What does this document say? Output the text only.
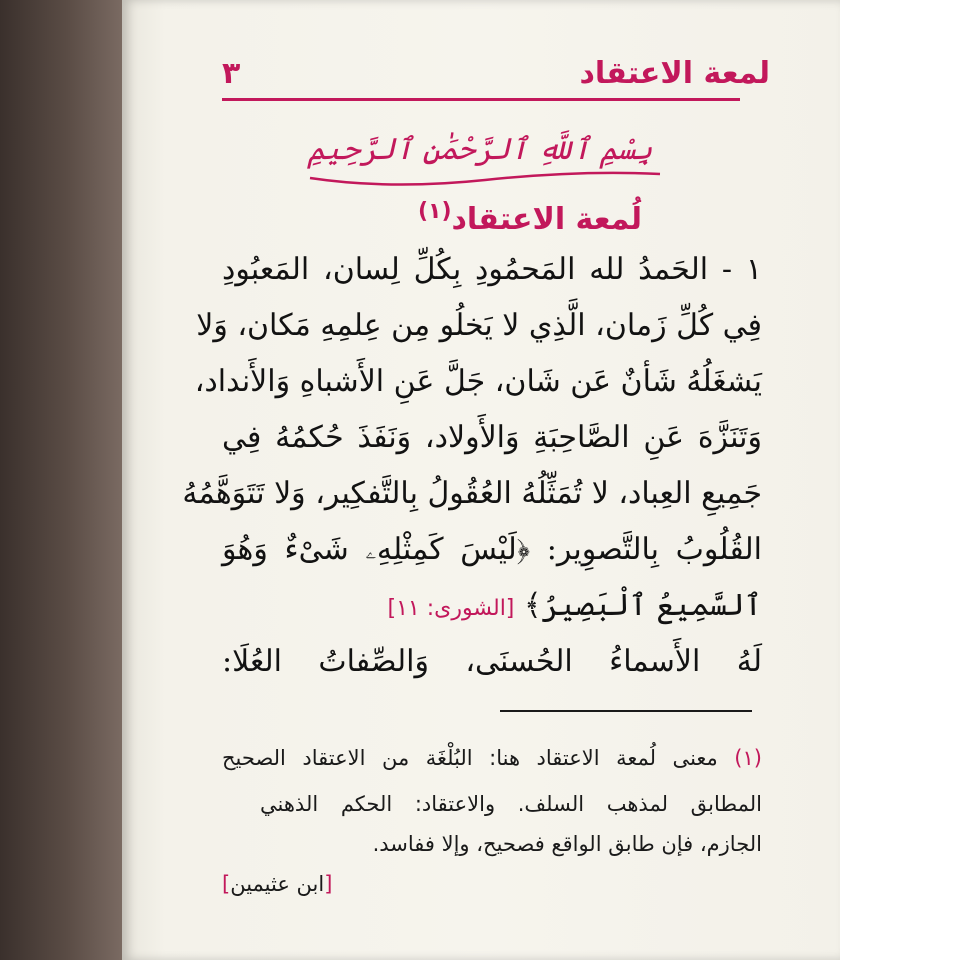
لمعة الاعتقاد
٣
بِسْمِ ٱللَّهِ ٱلرَّحْمَٰنِ ٱلرَّحِيمِ
لُمعة الاعتقاد$^{(١)}$
١ - الحَمدُ لله المَحمُودِ بِكُلِّ لِسان، المَعبُودِ
فِي كُلِّ زَمان، الَّذِي لا يَخلُو مِن عِلمِهِ مَكان، وَلا
يَشغَلُهُ شَأنٌ عَن شَان، جَلَّ عَنِ الأَشباهِ وَالأَنداد،
وَتَنَزَّهَ عَنِ الصَّاحِبَةِ وَالأَولاد، وَنَفَذَ حُكمُهُ فِي
جَمِيعِ العِباد، لا تُمَثِّلُهُ العُقُولُ بِالتَّفكِير، وَلا تَتَوَهَّمُهُ
القُلُوبُ بِالتَّصوِير: ﴿لَيْسَ كَمِثْلِهِۦ شَىْءٌ وَهُوَ
ٱلسَّمِيعُ ٱلْبَصِيرُ﴾ [الشورى: ١١]
لَهُ الأَسماءُ الحُسنَى، وَالصِّفاتُ العُلَا:
(١) معنى لُمعة الاعتقاد هنا: البُلْغَة من الاعتقاد الصحيح
المطابق لمذهب السلف. والاعتقاد: الحكم الذهني
الجازم، فإن طابق الواقع فصحيح، وإلا ففاسد.
[ابن عثيمين]
